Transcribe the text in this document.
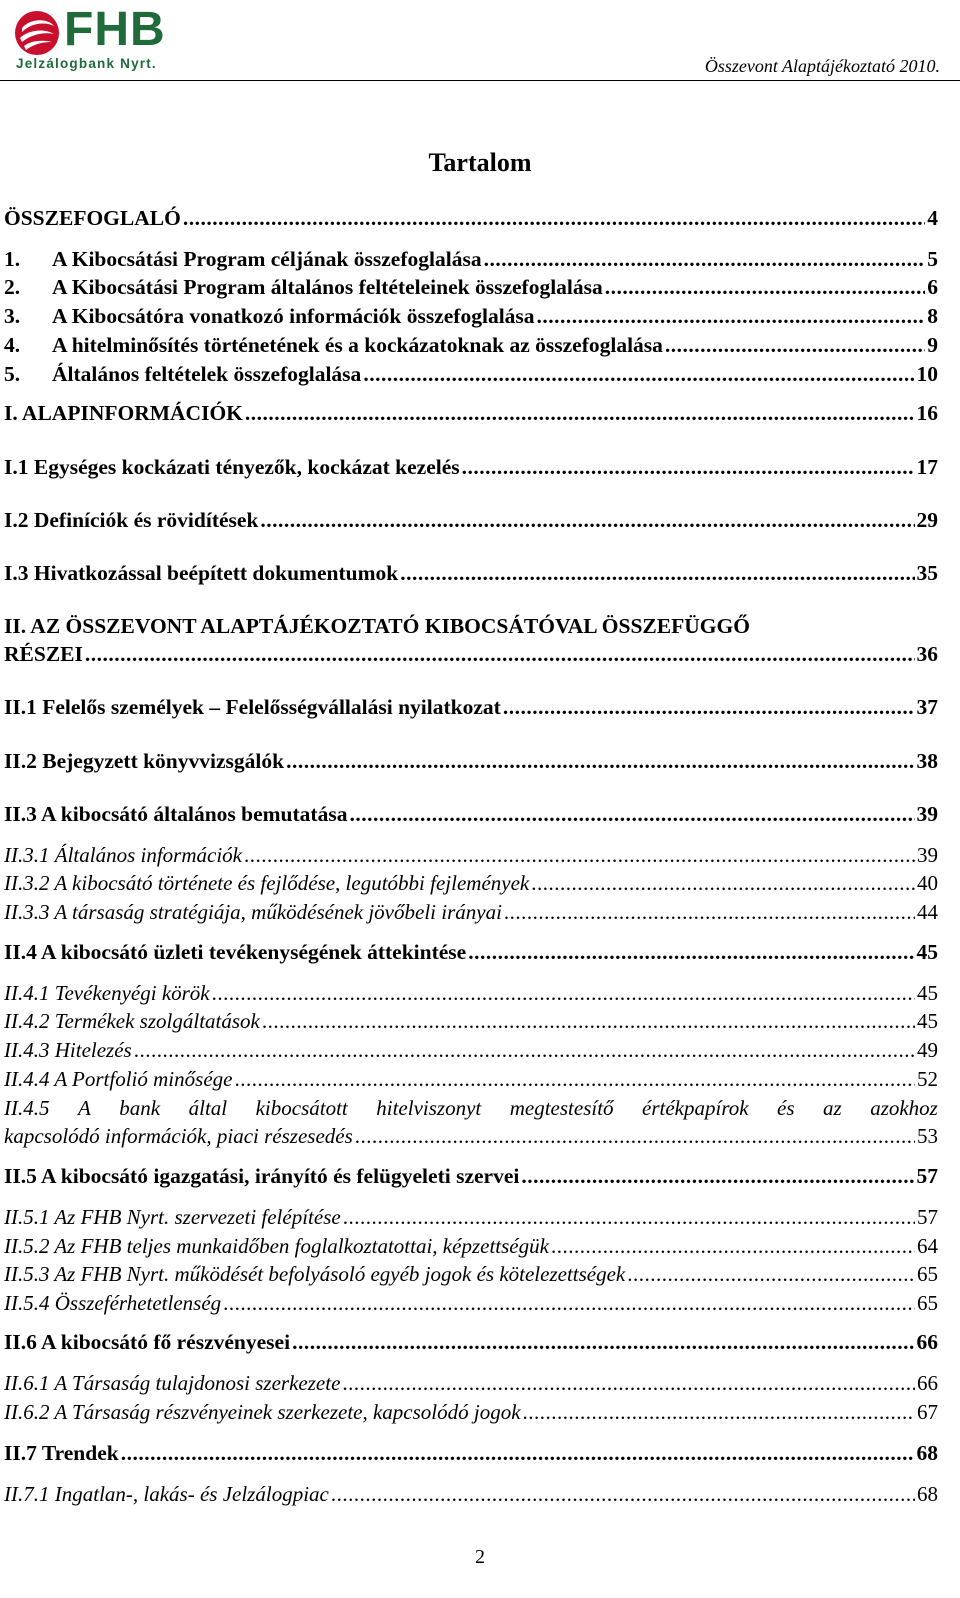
FHB
Jelzálogbank Nyrt.	Összevont Alaptájékoztató 2010.
Tartalom
ÖSSZEFOGLALÓ .....	4
1.	A Kibocsátási Program céljának összefoglalása .....	5
2.	A Kibocsátási Program általános feltételeinek összefoglalása .....	6
3.	A Kibocsátóra vonatkozó információk összefoglalása .....	8
4.	A hitelminősítés történetének és a kockázatoknak az összefoglalása .....	9
5.	Általános feltételek összefoglalása .....	10
I. ALAPINFORMÁCIÓK .....	16
I.1 Egységes kockázati tényezők, kockázat kezelés .....	17
I.2 Definíciók és rövidítések .....	29
I.3 Hivatkozással beépített dokumentumok .....	35
II. AZ ÖSSZEVONT ALAPTÁJÉKOZTATÓ KIBOCSÁTÓVAL ÖSSZEFÜGGŐ
RÉSZEI .....	36
II.1 Felelős személyek – Felelősségvállalási nyilatkozat .....	37
II.2 Bejegyzett könyvvizsgálók .....	38
II.3 A kibocsátó általános bemutatása .....	39
II.3.1 Általános információk .....	39
II.3.2 A kibocsátó története és fejlődése, legutóbbi fejlemények .....	40
II.3.3 A társaság stratégiája, működésének jövőbeli irányai .....	44
II.4 A kibocsátó üzleti tevékenységének áttekintése .....	45
II.4.1 Tevékenyégi körök .....	45
II.4.2 Termékek szolgáltatások .....	45
II.4.3 Hitelezés .....	49
II.4.4 A Portfolió minősége .....	52
II.4.5 A bank által kibocsátott hitelviszonyt megtestesítő értékpapírok és az azokhoz
kapcsolódó információk, piaci részesedés .....	53
II.5 A kibocsátó igazgatási, irányító és felügyeleti szervei .....	57
II.5.1 Az FHB Nyrt. szervezeti felépítése .....	57
II.5.2 Az FHB teljes munkaidőben foglalkoztatottai, képzettségük .....	64
II.5.3 Az FHB Nyrt. működését befolyásoló egyéb jogok és kötelezettségek .....	65
II.5.4 Összeférhetetlenség .....	65
II.6 A kibocsátó fő részvényesei .....	66
II.6.1 A Társaság tulajdonosi szerkezete .....	66
II.6.2 A Társaság részvényeinek szerkezete, kapcsolódó jogok .....	67
II.7 Trendek .....	68
II.7.1 Ingatlan-, lakás- és Jelzálogpiac .....	68
2
